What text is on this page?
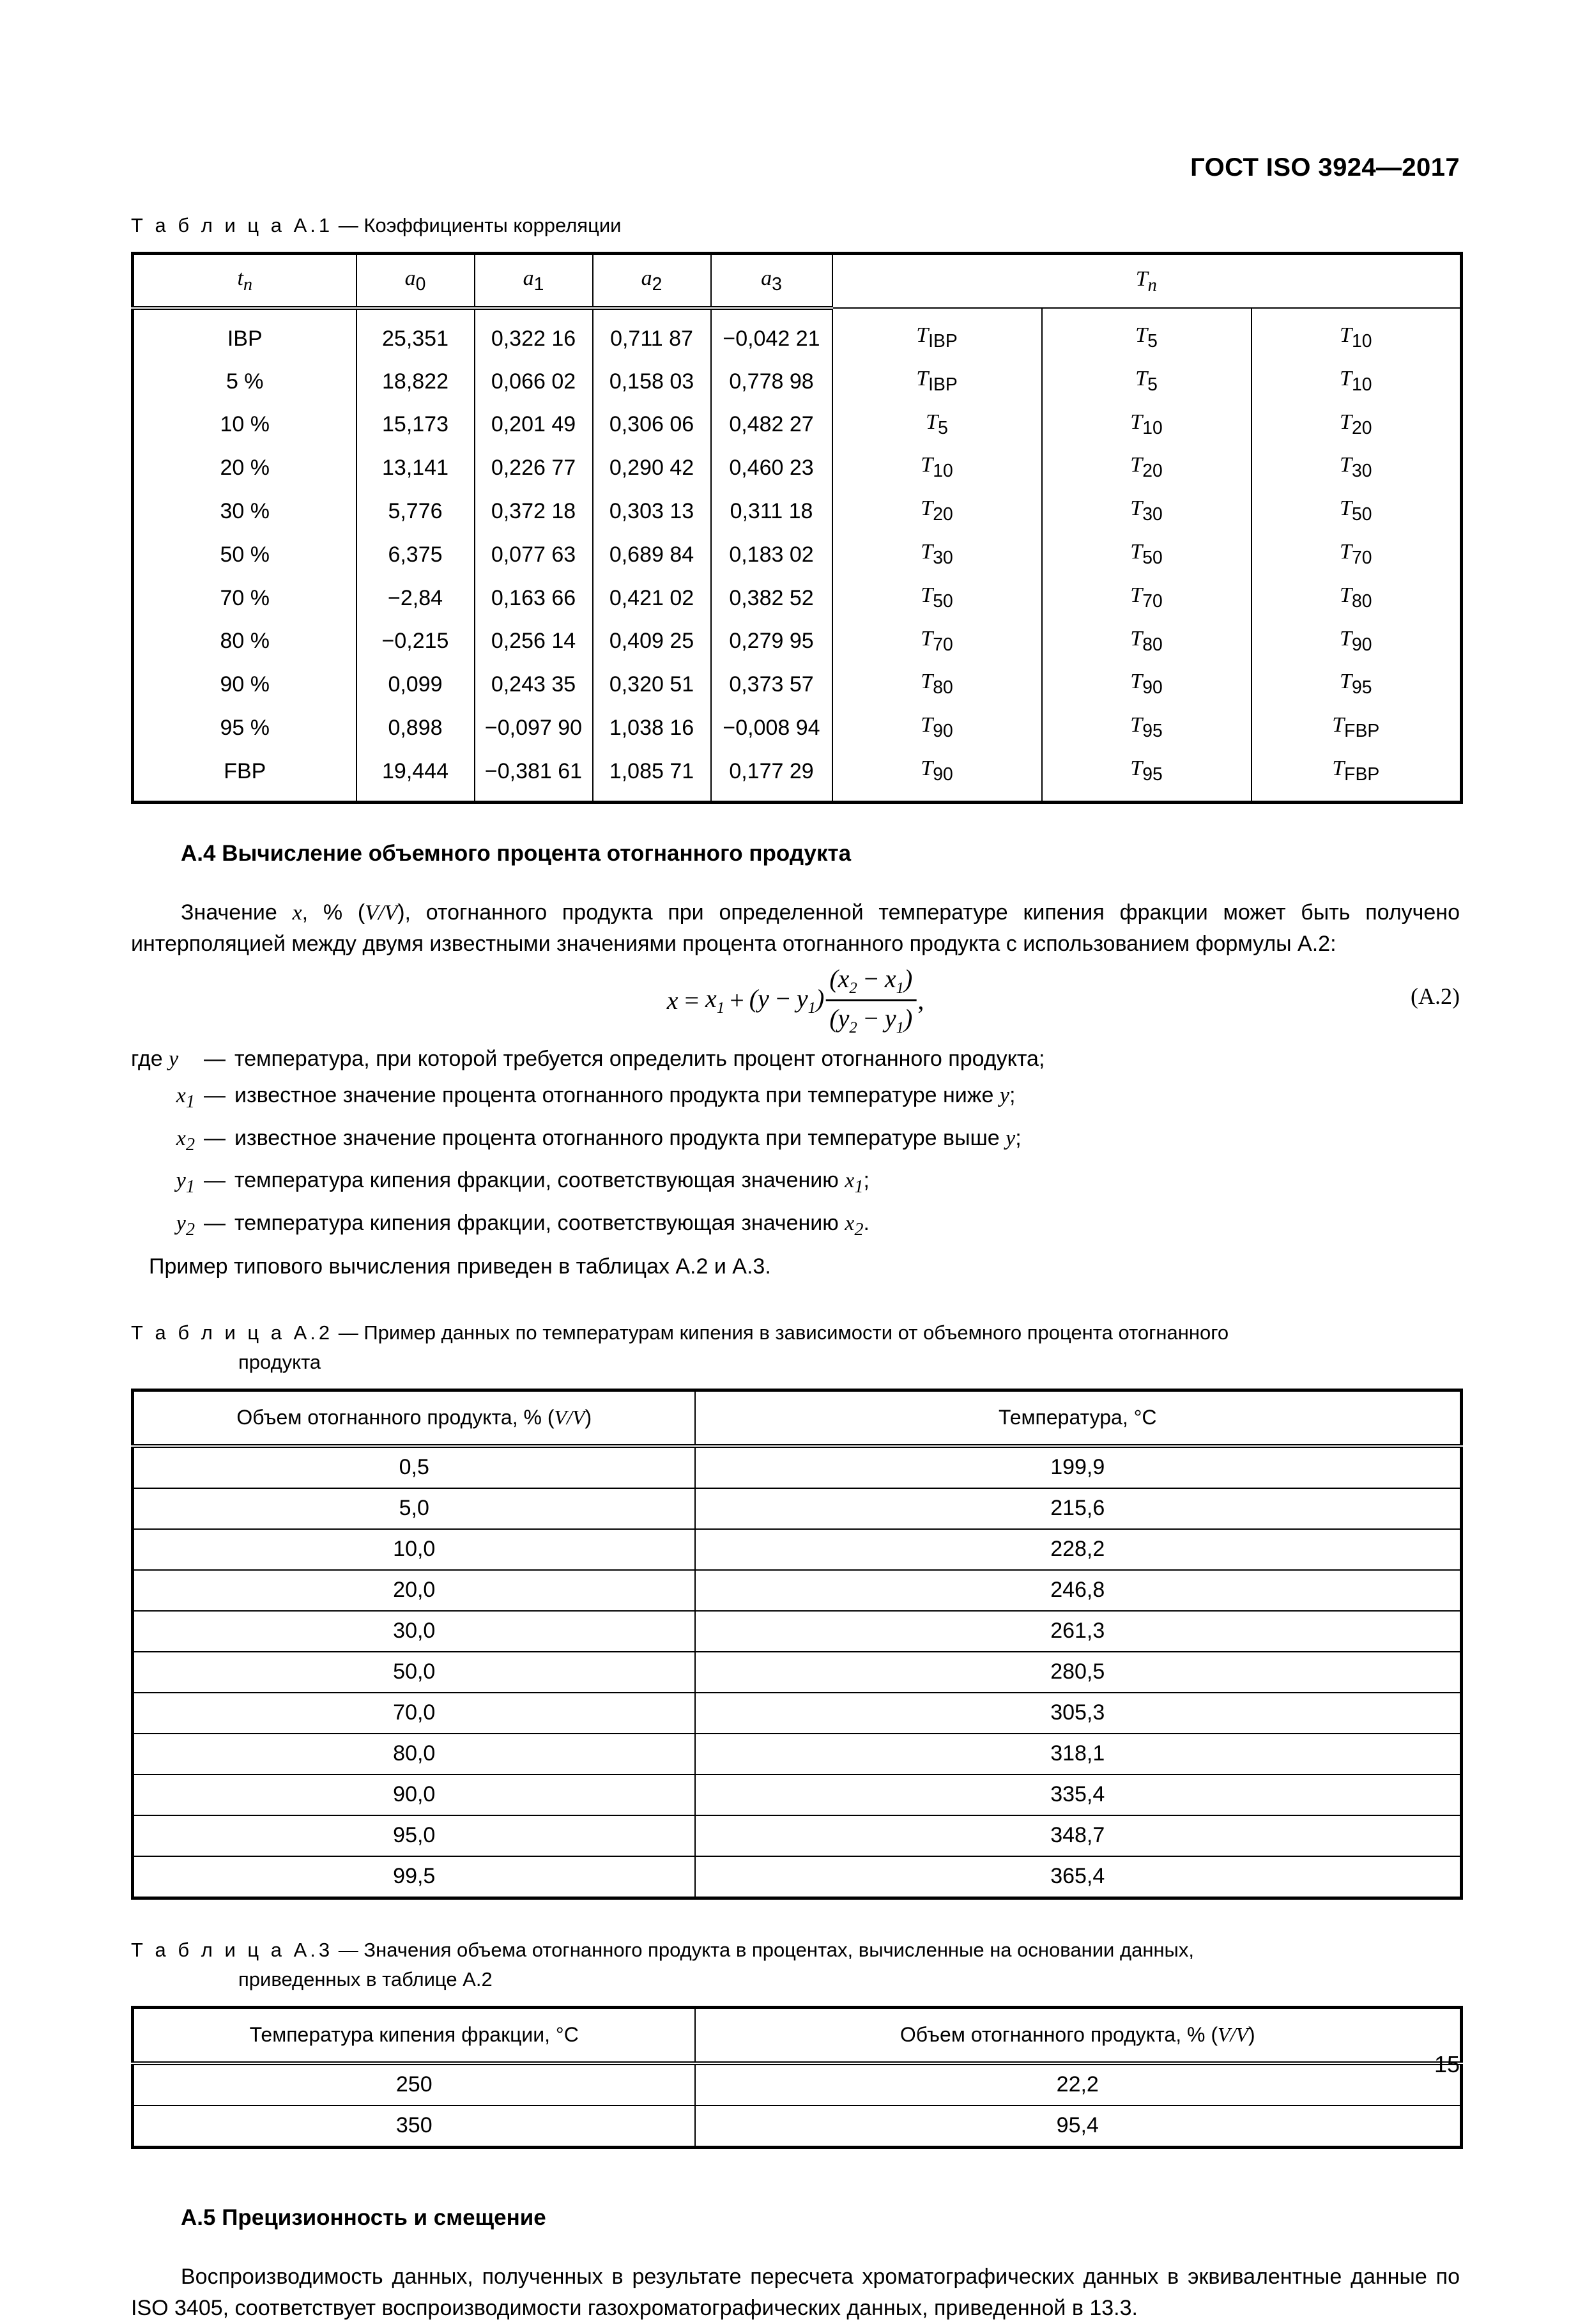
ГОСТ ISO 3924—2017
Т а б л и ц а А.1 — Коэффициенты корреляции
$t_n$	$a_0$	$a_1$	$a_2$	$a_3$	$T_n$
IBP	25,351	0,322 16	0,711 87	−0,042 21	$T_{IBP}$	$T_5$	$T_{10}$
5 %	18,822	0,066 02	0,158 03	0,778 98	$T_{IBP}$	$T_5$	$T_{10}$
10 %	15,173	0,201 49	0,306 06	0,482 27	$T_5$	$T_{10}$	$T_{20}$
20 %	13,141	0,226 77	0,290 42	0,460 23	$T_{10}$	$T_{20}$	$T_{30}$
30 %	5,776	0,372 18	0,303 13	0,311 18	$T_{20}$	$T_{30}$	$T_{50}$
50 %	6,375	0,077 63	0,689 84	0,183 02	$T_{30}$	$T_{50}$	$T_{70}$
70 %	−2,84	0,163 66	0,421 02	0,382 52	$T_{50}$	$T_{70}$	$T_{80}$
80 %	−0,215	0,256 14	0,409 25	0,279 95	$T_{70}$	$T_{80}$	$T_{90}$
90 %	0,099	0,243 35	0,320 51	0,373 57	$T_{80}$	$T_{90}$	$T_{95}$
95 %	0,898	−0,097 90	1,038 16	−0,008 94	$T_{90}$	$T_{95}$	$T_{FBP}$
FBP	19,444	−0,381 61	1,085 71	0,177 29	$T_{90}$	$T_{95}$	$T_{FBP}$
А.4 Вычисление объемного процента отогнанного продукта

Значение x, % (V/V), отогнанного продукта при определенной температуре кипения фракции мо⁠жет быть получено интерполяцией между двумя известными значениями процента отогнанного про⁠дукта с использованием формулы А.2:

$x = x_1 + (y - y_1) \frac{(x_2 - x_1)}{(y_2 - y_1)}$ ,	(А.2)
где y	—	температура, при которой требуется определить процент отогнанного продукта;
$x_1$	—	известное значение процента отогнанного продукта при температуре ниже y;
$x_2$	—	известное значение процента отогнанного продукта при температуре выше y;
$y_1$	—	температура кипения фракции, соответствующая значению $x_1$;
$y_2$	—	температура кипения фракции, соответствующая значению $x_2$.

Пример типового вычисления приведен в таблицах А.2 и А.3.

Т а б л и ц а А.2 — Пример данных по температурам кипения в зависимости от объемного процента отогнанного
продукта
Объем отогнанного продукта, % (V/V)	Температура, °C
0,5	199,9
5,0	215,6
10,0	228,2
20,0	246,8
30,0	261,3
50,0	280,5
70,0	305,3
80,0	318,1
90,0	335,4
95,0	348,7
99,5	365,4
Т а б л и ц а А.3 — Значения объема отогнанного продукта в процентах, вычисленные на основании данных,
приведенных в таблице А.2
Температура кипения фракции, °C	Объем отогнанного продукта, % (V/V)
250	22,2
350	95,4
А.5 Прецизионность и смещение

Воспроизводимость данных, полученных в результате пересчета хроматографических данных в эквивалентные данные по ISO 3405, соответствует воспроизводимости газохроматографических данных, приведенной в 13.3.

15
